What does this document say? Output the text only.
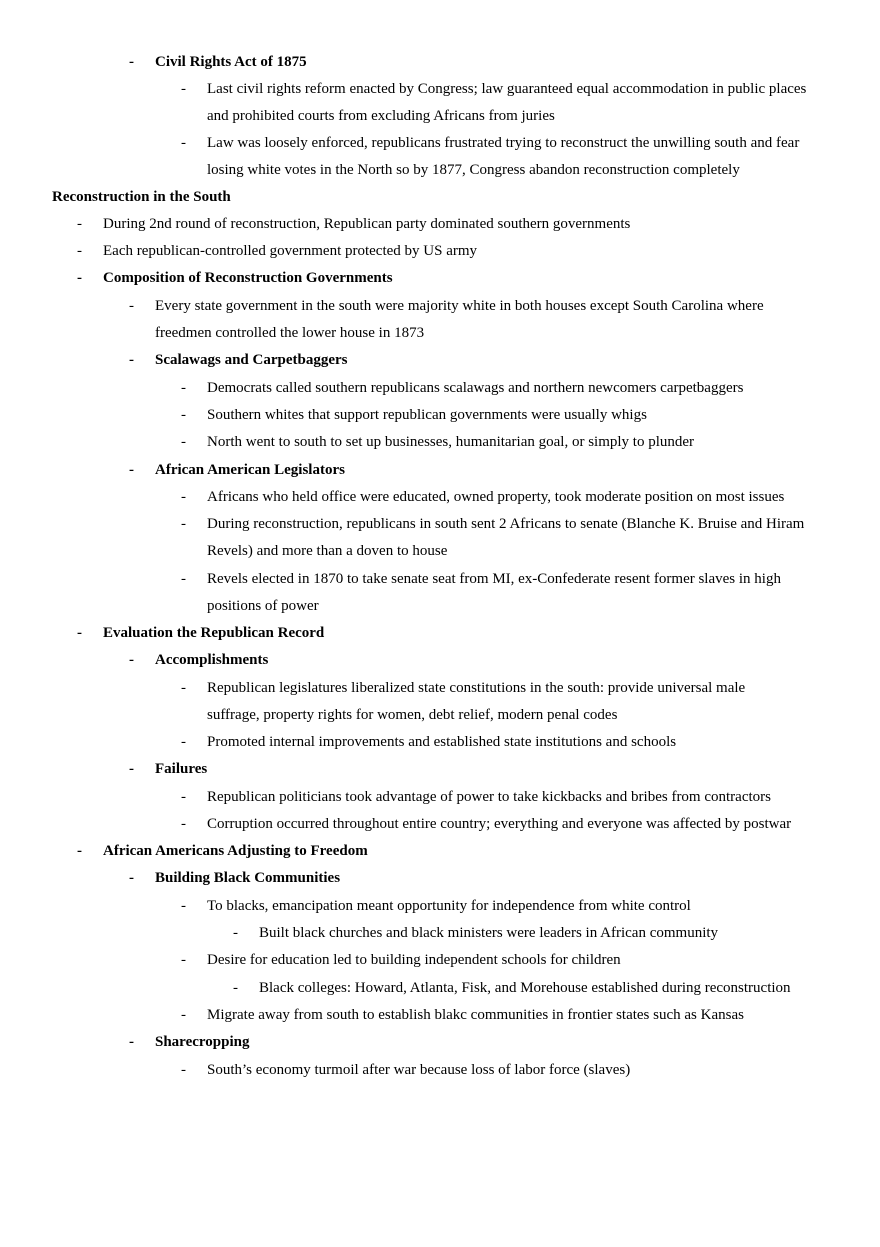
- Civil Rights Act of 1875
- Last civil rights reform enacted by Congress; law guaranteed equal accommodation in public places and prohibited courts from excluding Africans from juries
- Law was loosely enforced, republicans frustrated trying to reconstruct the unwilling south and fear losing white votes in the North so by 1877, Congress abandon reconstruction completely
Reconstruction in the South
- During 2nd round of reconstruction, Republican party dominated southern governments
- Each republican-controlled government protected by US army
- Composition of Reconstruction Governments
- Every state government in the south were majority white in both houses except South Carolina where freedmen controlled the lower house in 1873
- Scalawags and Carpetbaggers
- Democrats called southern republicans scalawags and northern newcomers carpetbaggers
- Southern whites that support republican governments were usually whigs
- North went to south to set up businesses, humanitarian goal, or simply to plunder
- African American Legislators
- Africans who held office were educated, owned property, took moderate position on most issues
- During reconstruction, republicans in south sent 2 Africans to senate (Blanche K. Bruise and Hiram Revels) and more than a doven to house
- Revels elected in 1870 to take senate seat from MI, ex-Confederate resent former slaves in high positions of power
- Evaluation the Republican Record
- Accomplishments
- Republican legislatures liberalized state constitutions in the south: provide universal male suffrage, property rights for women, debt relief, modern penal codes
- Promoted internal improvements and established state institutions and schools
- Failures
- Republican politicians took advantage of power to take kickbacks and bribes from contractors
- Corruption occurred throughout entire country; everything and everyone was affected by postwar
- African Americans Adjusting to Freedom
- Building Black Communities
- To blacks, emancipation meant opportunity for independence from white control
- Built black churches and black ministers were leaders in African community
- Desire for education led to building independent schools for children
- Black colleges: Howard, Atlanta, Fisk, and Morehouse established during reconstruction
- Migrate away from south to establish blakc communities in frontier states such as Kansas
- Sharecropping
- South’s economy turmoil after war because loss of labor force (slaves)
